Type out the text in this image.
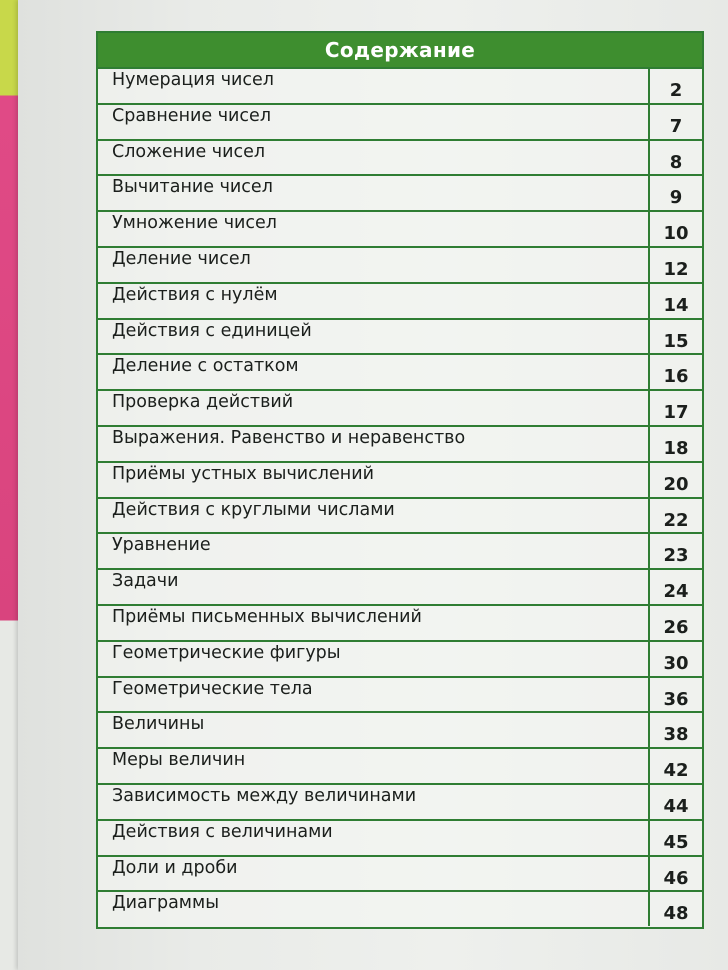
Содержание
Нумерация чисел	2
Сравнение чисел	7
Сложение чисел	8
Вычитание чисел	9
Умножение чисел	10
Деление чисел	12
Действия с нулём	14
Действия с единицей	15
Деление с остатком	16
Проверка действий	17
Выражения. Равенство и неравенство	18
Приёмы устных вычислений	20
Действия с круглыми числами	22
Уравнение	23
Задачи	24
Приёмы письменных вычислений	26
Геометрические фигуры	30
Геометрические тела	36
Величины	38
Меры величин	42
Зависимость между величинами	44
Действия с величинами	45
Доли и дроби	46
Диаграммы	48
